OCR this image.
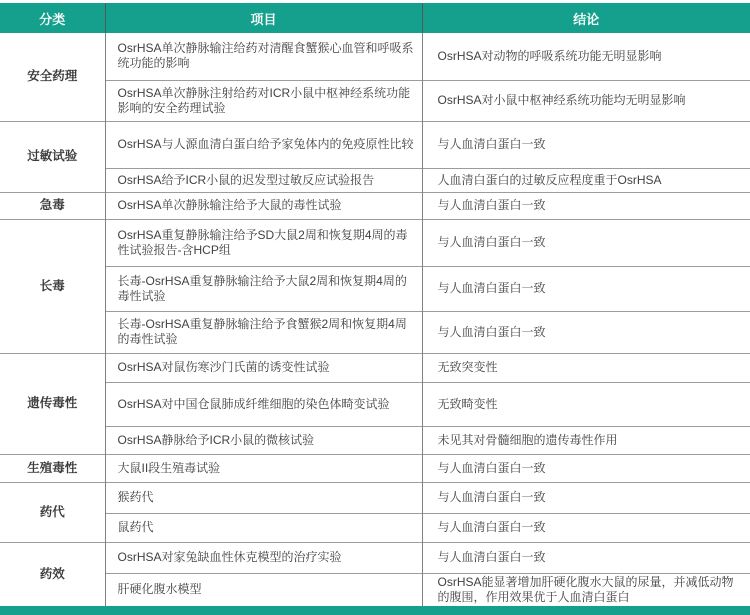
分类	项目	结论
安全药理	OsrHSA单次静脉输注给药对清醒食蟹猴心血管和呼吸系统功能的影响	OsrHSA对动物的呼吸系统功能无明显影响
	OsrHSA单次静脉注射给药对ICR小鼠中枢神经系统功能影响的安全药理试验	OsrHSA对小鼠中枢神经系统功能均无明显影响
过敏试验	OsrHSA与人源血清白蛋白给予家兔体内的免疫原性比较	与人血清白蛋白一致
	OsrHSA给予ICR小鼠的迟发型过敏反应试验报告	人血清白蛋白的过敏反应程度重于OsrHSA
急毒	OsrHSA单次静脉输注给予大鼠的毒性试验	与人血清白蛋白一致
长毒	OsrHSA重复静脉输注给予SD大鼠2周和恢复期4周的毒性试验报告-含HCP组	与人血清白蛋白一致
	长毒-OsrHSA重复静脉输注给予大鼠2周和恢复期4周的毒性试验	与人血清白蛋白一致
	长毒-OsrHSA重复静脉输注给予食蟹猴2周和恢复期4周的毒性试验	与人血清白蛋白一致
遗传毒性	OsrHSA对鼠伤寒沙门氏菌的诱变性试验	无致突变性
	OsrHSA对中国仓鼠肺成纤维细胞的染色体畸变试验	无致畸变性
	OsrHSA静脉给予ICR小鼠的微核试验	未见其对骨髓细胞的遗传毒性作用
生殖毒性	大鼠II段生殖毒试验	与人血清白蛋白一致
药代	猴药代	与人血清白蛋白一致
	鼠药代	与人血清白蛋白一致
药效	OsrHSA对家兔缺血性休克模型的治疗实验	与人血清白蛋白一致
	肝硬化腹水模型	OsrHSA能显著增加肝硬化腹水大鼠的尿量，并减低动物的腹围，作用效果优于人血清白蛋白
